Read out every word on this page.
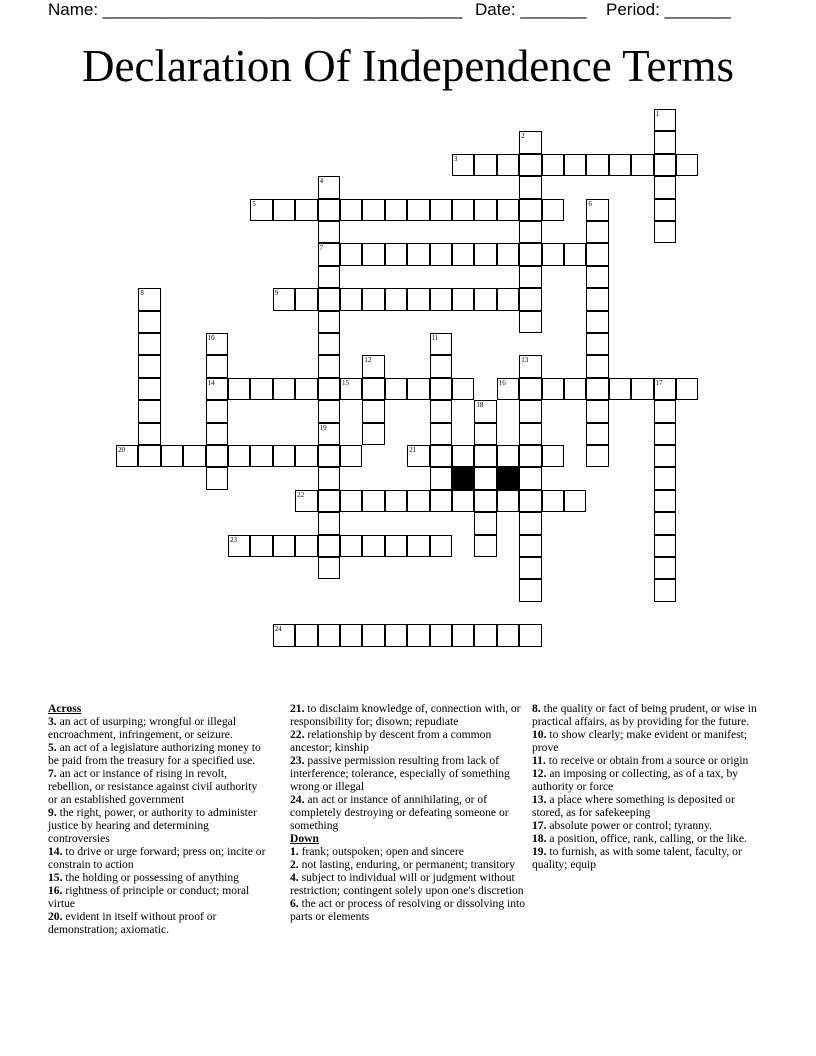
Name: ______________________________________ Date: _______ Period: _______
Declaration Of Independence Terms
1
2
3
4
7
19
5	6
8	9
10
14
11
12	13
15	16	17
18
20	21
22
23
24
Across

3. an act of usurping; wrongful or illegal encroachment, infringement, or seizure.

5. an act of a legislature authorizing money to be paid from the treasury for a specified use.

7. an act or instance of rising in revolt, rebellion, or resistance against civil authority or an established government

9. the right, power, or authority to administer justice by hearing and determining controversies

14. to drive or urge forward; press on; incite or constrain to action

15. the holding or possessing of anything

16. rightness of principle or conduct; moral virtue

20. evident in itself without proof or demonstration; axiomatic.

21. to disclaim knowledge of, connection with, or responsibility for; disown; repudiate

22. relationship by descent from a common ancestor; kinship

23. passive permission resulting from lack of interference; tolerance, especially of something wrong or illegal

24. an act or instance of annihilating, or of completely destroying or defeating someone or something

Down

1. frank; outspoken; open and sincere

2. not lasting, enduring, or permanent; transitory

4. subject to individual will or judgment without restriction; contingent solely upon one's discretion

6. the act or process of resolving or dissolving into parts or elements

8. the quality or fact of being prudent, or wise in practical affairs, as by providing for the future.

10. to show clearly; make evident or manifest; prove

11. to receive or obtain from a source or origin

12. an imposing or collecting, as of a tax, by authority or force

13. a place where something is deposited or stored, as for safekeeping

17. absolute power or control; tyranny.

18. a position, office, rank, calling, or the like.

19. to furnish, as with some talent, faculty, or quality; equip
